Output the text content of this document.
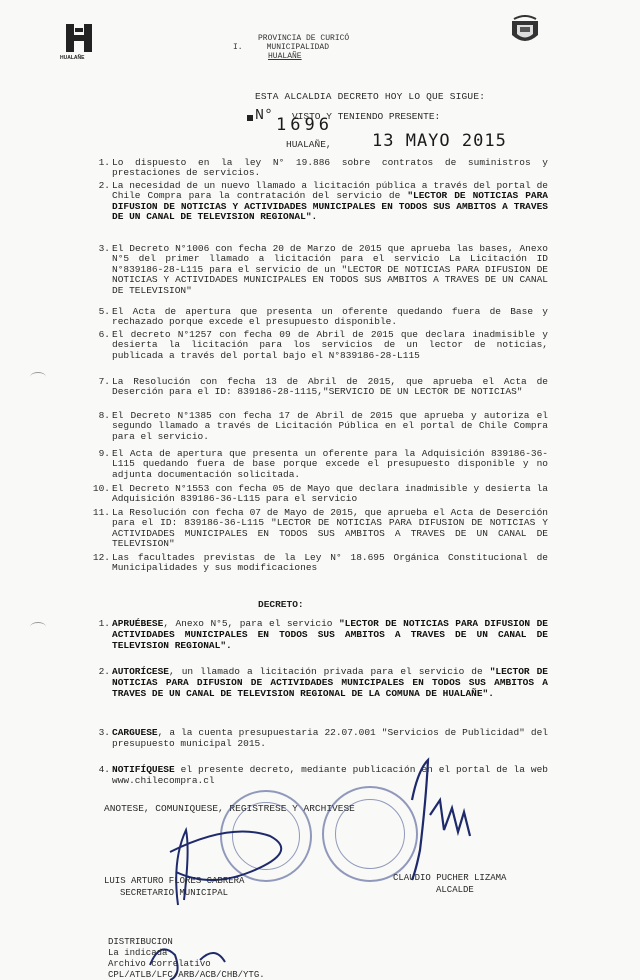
HUALAÑE
PROVINCIA DE CURICÓ
I.     MUNICIPALIDAD
HUALAÑE
ESTA ALCALDIA DECRETO HOY LO QUE SIGUE:
N° VISTO Y TENIENDO PRESENTE:
1696
HUALAÑE, 13 MAYO 2015
1. Lo dispuesto en la ley N° 19.886 sobre contratos de suministros y prestaciones de servicios.
2. La necesidad de un nuevo llamado a licitación pública a través del portal de Chile Compra para la contratación del servicio de "LECTOR DE NOTICIAS PARA DIFUSION DE NOTICIAS Y ACTIVIDADES MUNICIPALES EN TODOS SUS AMBITOS A TRAVES DE UN CANAL DE TELEVISION REGIONAL".
3. El Decreto N°1006 con fecha 20 de Marzo de 2015 que aprueba las bases, Anexo N°5 del primer llamado a licitación para el servicio La Licitación ID N°839186-28-L115 para el servicio de un "LECTOR DE NOTICIAS PARA DIFUSION DE NOTICIAS Y ACTIVIDADES MUNICIPALES EN TODOS SUS AMBITOS A TRAVES DE UN CANAL DE TELEVISION"
5. El Acta de apertura que presenta un oferente quedando fuera de Base y rechazado porque excede el presupuesto disponible.
6. El decreto N°1257 con fecha 09 de Abril de 2015 que declara inadmisible y desierta la licitación para los servicios de un lector de noticias, publicada a través del portal bajo el N°839186-28-L115
7. La Resolución con fecha 13 de Abril de 2015, que aprueba el Acta de Deserción para el ID: 839186-28-1115,"SERVICIO DE UN LECTOR DE NOTICIAS"
8. El Decreto N°1385 con fecha 17 de Abril de 2015 que aprueba y autoriza el segundo llamado a través de Licitación Pública en el portal de Chile Compra para el servicio.
9. El Acta de apertura que presenta un oferente para la Adquisición 839186-36-L115 quedando fuera de base porque excede el presupuesto disponible y no adjunta documentación solicitada.
10. El Decreto N°1553 con fecha 05 de Mayo que declara inadmisible y desierta la Adquisición 839186-36-L115 para el servicio
11. La Resolución con fecha 07 de Mayo de 2015, que aprueba el Acta de Deserción para el ID: 839186-36-L115 "LECTOR DE NOTICIAS PARA DIFUSION DE NOTICIAS Y ACTIVIDADES MUNICIPALES EN TODOS SUS AMBITOS A TRAVES DE UN CANAL DE TELEVISION"
12. Las facultades previstas de la Ley N° 18.695 Orgánica Constitucional de Municipalidades y sus modificaciones
DECRETO:
1. APRUÉBESE, Anexo N°5, para el servicio "LECTOR DE NOTICIAS PARA DIFUSION DE ACTIVIDADES MUNICIPALES EN TODOS SUS AMBITOS A TRAVES DE UN CANAL DE TELEVISION REGIONAL".
2. AUTORÍCESE, un llamado a licitación privada para el servicio de "LECTOR DE NOTICIAS PARA DIFUSION DE ACTIVIDADES MUNICIPALES EN TODOS SUS AMBITOS A TRAVES DE UN CANAL DE TELEVISION REGIONAL DE LA COMUNA DE HUALAÑE".
3. CARGUESE, a la cuenta presupuestaria 22.07.001 "Servicios de Publicidad" del presupuesto municipal 2015.
4. NOTIFÍQUESE el presente decreto, mediante publicación en el portal de la web www.chilecompra.cl
ANOTESE, COMUNIQUESE, REGISTRESE Y ARCHIVESE
LUIS ARTURO FLORES CABRERA
SECRETARIO MUNICIPAL
CLAUDIO PUCHER LIZAMA
ALCALDE
DISTRIBUCION
La indicada
Archivo correlativo
CPL/ATLB/LFC/ARB/ACB/CHB/YTG.
